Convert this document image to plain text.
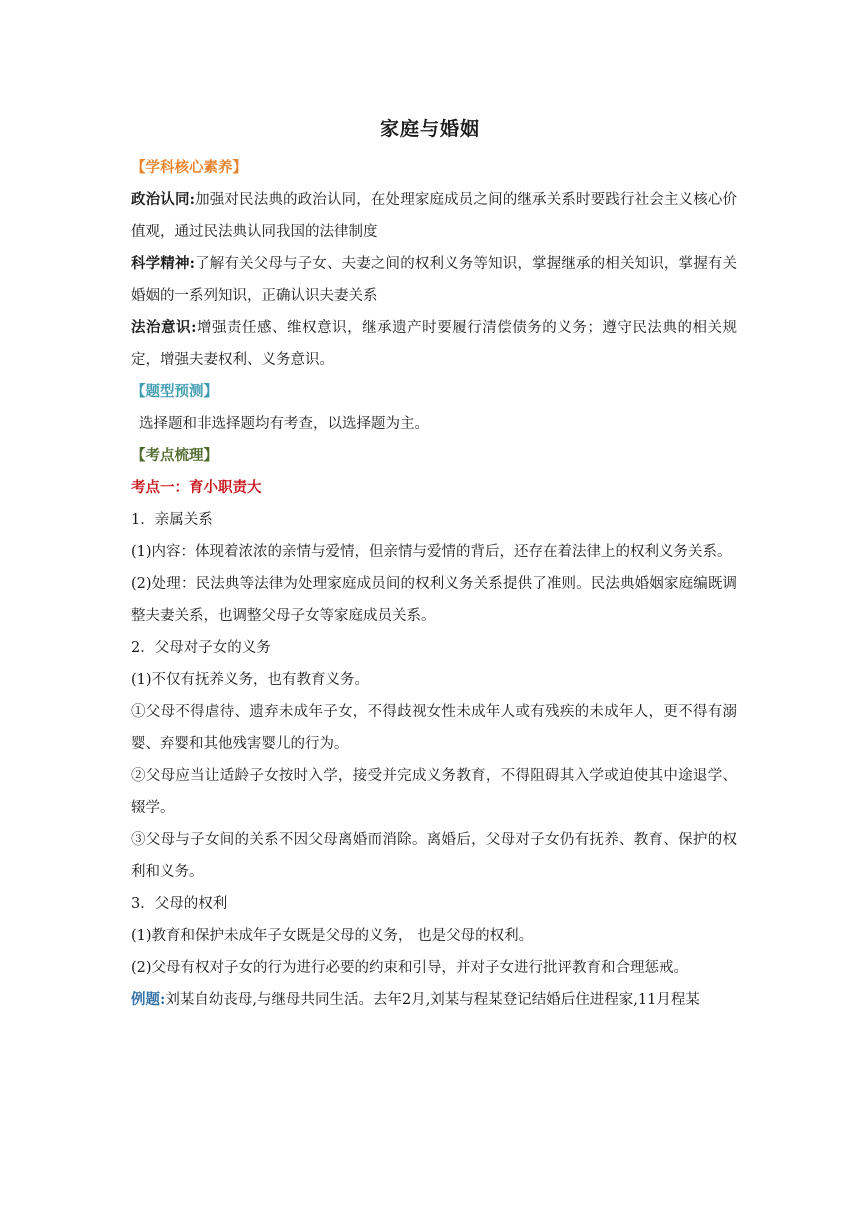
家庭与婚姻

【学科核心素养】

政治认同:加强对民法典的政治认同，在处理家庭成员之间的继承关系时要践行社会主义核心价值观，通过民法典认同我国的法律制度

科学精神:了解有关父母与子女、夫妻之间的权利义务等知识，掌握继承的相关知识，掌握有关婚姻的一系列知识，正确认识夫妻关系

法治意识:增强责任感、维权意识，继承遗产时要履行清偿债务的义务；遵守民法典的相关规定，增强夫妻权利、义务意识。

【题型预测】

选择题和非选择题均有考查，以选择题为主。

【考点梳理】

考点一：育小职责大

1．亲属关系

(1)内容：体现着浓浓的亲情与爱情，但亲情与爱情的背后，还存在着法律上的权利义务关系。

(2)处理：民法典等法律为处理家庭成员间的权利义务关系提供了准则。民法典婚姻家庭编既调整夫妻关系，也调整父母子女等家庭成员关系。

2．父母对子女的义务

(1)不仅有抚养义务，也有教育义务。

①父母不得虐待、遗弃未成年子女，不得歧视女性未成年人或有残疾的未成年人，更不得有溺婴、弃婴和其他残害婴儿的行为。

②父母应当让适龄子女按时入学，接受并完成义务教育，不得阻碍其入学或迫使其中途退学、辍学。

③父母与子女间的关系不因父母离婚而消除。离婚后，父母对子女仍有抚养、教育、保护的权利和义务。

3．父母的权利

(1)教育和保护未成年子女既是父母的义务， 也是父母的权利。

(2)父母有权对子女的行为进行必要的约束和引导，并对子女进行批评教育和合理惩戒。

例题:刘某自幼丧母,与继母共同生活。去年2月,刘某与程某登记结婚后住进程家,11月程某
